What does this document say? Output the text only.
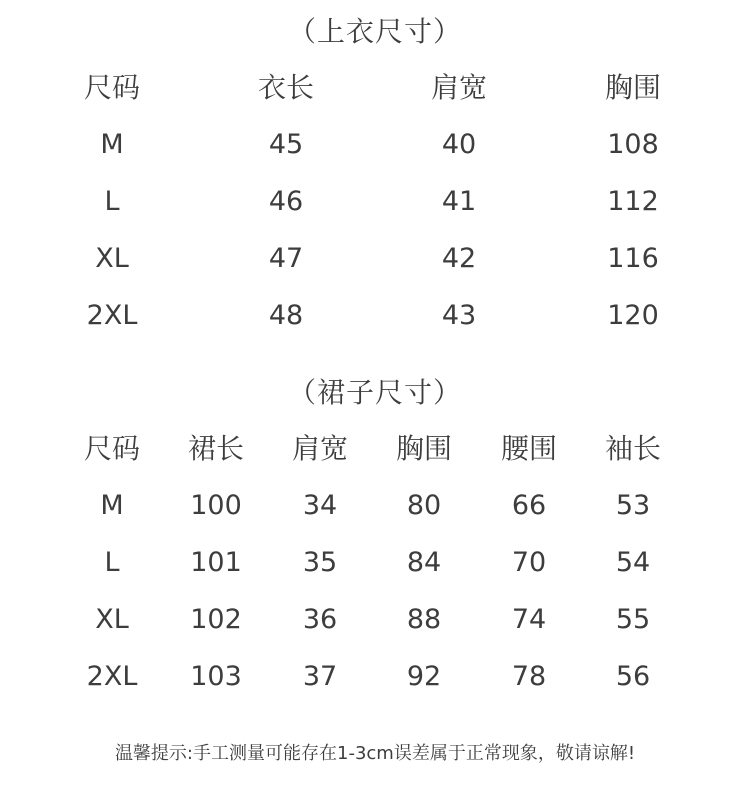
（上衣尺寸）
尺码	衣长	肩宽	胸围
M	45	40	108
L	46	41	112
XL	47	42	116
2XL	48	43	120
（裙子尺寸）
尺码	裙长	肩宽	胸围	腰围	袖长
M	100	34	80	66	53
L	101	35	84	70	54
XL	102	36	88	74	55
2XL	103	37	92	78	56
温馨提示:手工测量可能存在1-3cm误差属于正常现象，敬请谅解!
